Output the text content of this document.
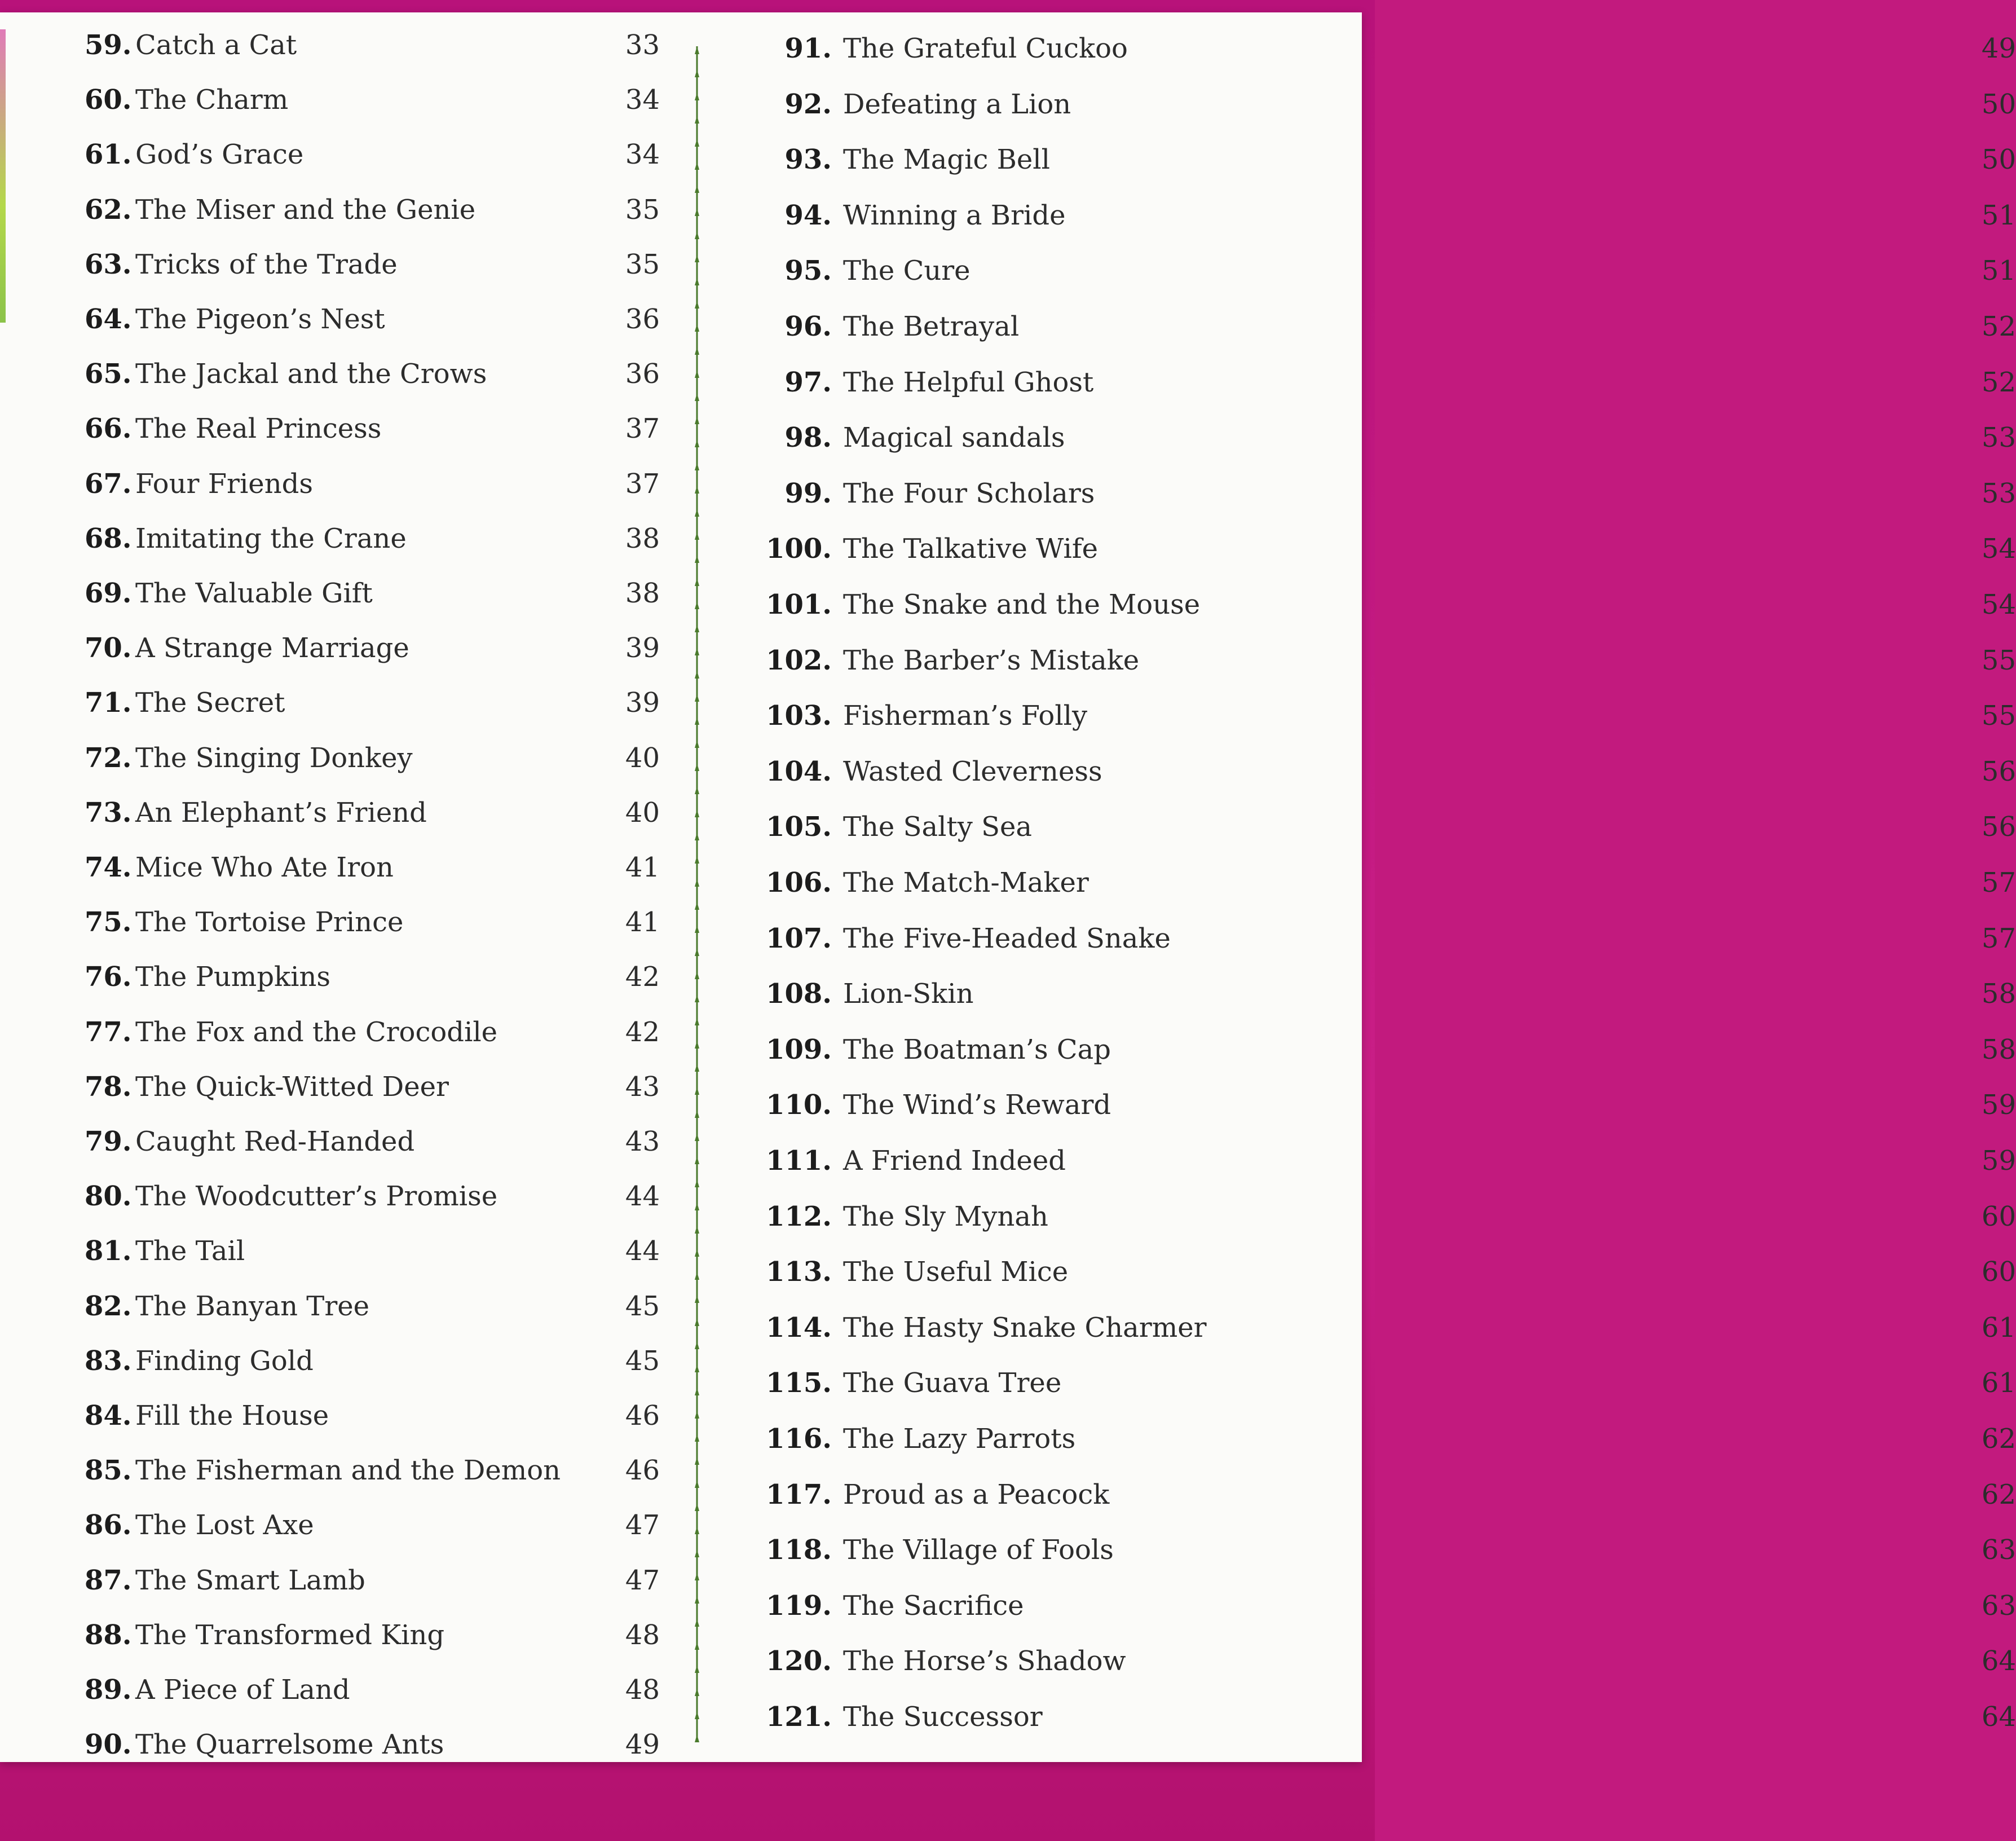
59. Catch a Cat	33
60. The Charm	34
61. God’s Grace	34
62. The Miser and the Genie	35
63. Tricks of the Trade	35
64. The Pigeon’s Nest	36
65. The Jackal and the Crows	36
66. The Real Princess	37
67. Four Friends	37
68. Imitating the Crane	38
69. The Valuable Gift	38
70. A Strange Marriage	39
71. The Secret	39
72. The Singing Donkey	40
73. An Elephant’s Friend	40
74. Mice Who Ate Iron	41
75. The Tortoise Prince	41
76. The Pumpkins	42
77. The Fox and the Crocodile	42
78. The Quick-Witted Deer	43
79. Caught Red-Handed	43
80. The Woodcutter’s Promise	44
81. The Tail	44
82. The Banyan Tree	45
83. Finding Gold	45
84. Fill the House	46
85. The Fisherman and the Demon	46
86. The Lost Axe	47
87. The Smart Lamb	47
88. The Transformed King	48
89. A Piece of Land	48
90. The Quarrelsome Ants	49
91. The Grateful Cuckoo	49
92. Defeating a Lion	50
93. The Magic Bell	50
94. Winning a Bride	51
95. The Cure	51
96. The Betrayal	52
97. The Helpful Ghost	52
98. Magical sandals	53
99. The Four Scholars	53
100. The Talkative Wife	54
101. The Snake and the Mouse	54
102. The Barber’s Mistake	55
103. Fisherman’s Folly	55
104. Wasted Cleverness	56
105. The Salty Sea	56
106. The Match-Maker	57
107. The Five-Headed Snake	57
108. Lion-Skin	58
109. The Boatman’s Cap	58
110. The Wind’s Reward	59
111. A Friend Indeed	59
112. The Sly Mynah	60
113. The Useful Mice	60
114. The Hasty Snake Charmer	61
115. The Guava Tree	61
116. The Lazy Parrots	62
117. Proud as a Peacock	62
118. The Village of Fools	63
119. The Sacrifice	63
120. The Horse’s Shadow	64
121. The Successor	64
